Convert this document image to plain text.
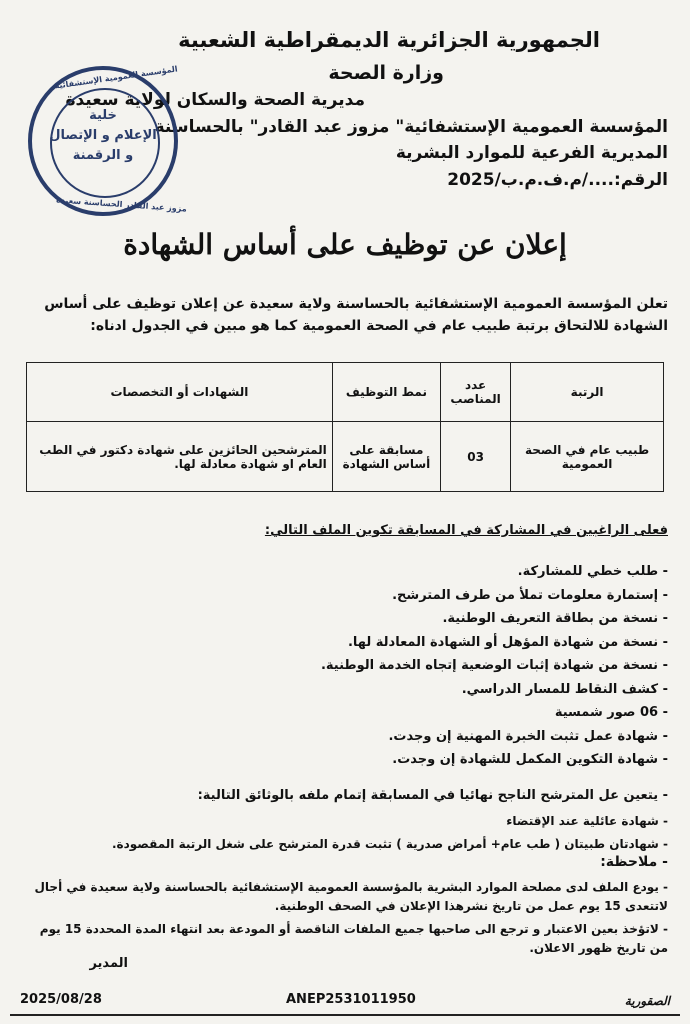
الجمهورية الجزائرية الديمقراطية الشعبية
وزارة الصحة
مديرية الصحة والسكان لولاية سعيدة
المؤسسة العمومية الإستشفائية" مزوز عبد القادر" بالحساسنة
المديرية الفرعية للموارد البشرية
الرقم:..../م.ف.م.ب/2025
المؤسسة العمومية الإستشفائية
خلية
الإعلام و الإتصال
و الرقمنة
مزوز عبد القادر الحساسنة سعيدة
إعلان عن توظيف على أساس الشهادة
تعلن المؤسسة العمومية الإستشفائية بالحساسنة ولاية سعيدة عن إعلان توظيف على أساس الشهادة للالتحاق برتبة طبيب عام في الصحة العمومية كما هو مبين في الجدول ادناه:
الرتبة	عدد المناصب	نمط التوظيف	الشهادات أو التخصصات
طبيب عام في الصحة العمومية	03	مسابقة على أساس الشهادة	المترشحين الحائزين على شهادة دكتور في الطب العام او شهادة معادلة لها.
فعلى الراغبين في المشاركة في المسابقة تكوين الملف التالي:
- طلب خطي للمشاركة.
- إستمارة معلومات تملأ من طرف المترشح.
- نسخة من بطاقة التعريف الوطنية.
- نسخة من شهادة المؤهل أو الشهادة المعادلة لها.
- نسخة من شهادة إثبات الوضعية إتجاه الخدمة الوطنية.
- كشف النقاط للمسار الدراسي.
- 06 صور شمسية
- شهادة عمل تثبت الخبرة المهنية إن وجدت.
- شهادة التكوين المكمل للشهادة إن وجدت.
- يتعين عل المترشح الناجح نهائيا في المسابقة إتمام ملفه بالوثائق التالية:
- شهادة عائلية عند الإقتضاء
- شهادتان طبيتان ( طب عام+ أمراض صدرية ) تثبت قدرة المترشح على شغل الرتبة المقصودة.
- ملاحظة:
- يودع الملف لدى مصلحة الموارد البشرية بالمؤسسة العمومية الإستشفائية بالحساسنة ولاية سعيدة في أجال لاتتعدى 15 يوم عمل من تاريخ نشرهذا الإعلان في الصحف الوطنية.
- لاتؤخذ بعين الاعتبار و ترجع الى صاحبها جميع الملفات الناقصة أو المودعة بعد انتهاء المدة المحددة 15 يوم من تاريخ ظهور الاعلان.
المدير
2025/08/28	ANEP2531011950	الصقورية
